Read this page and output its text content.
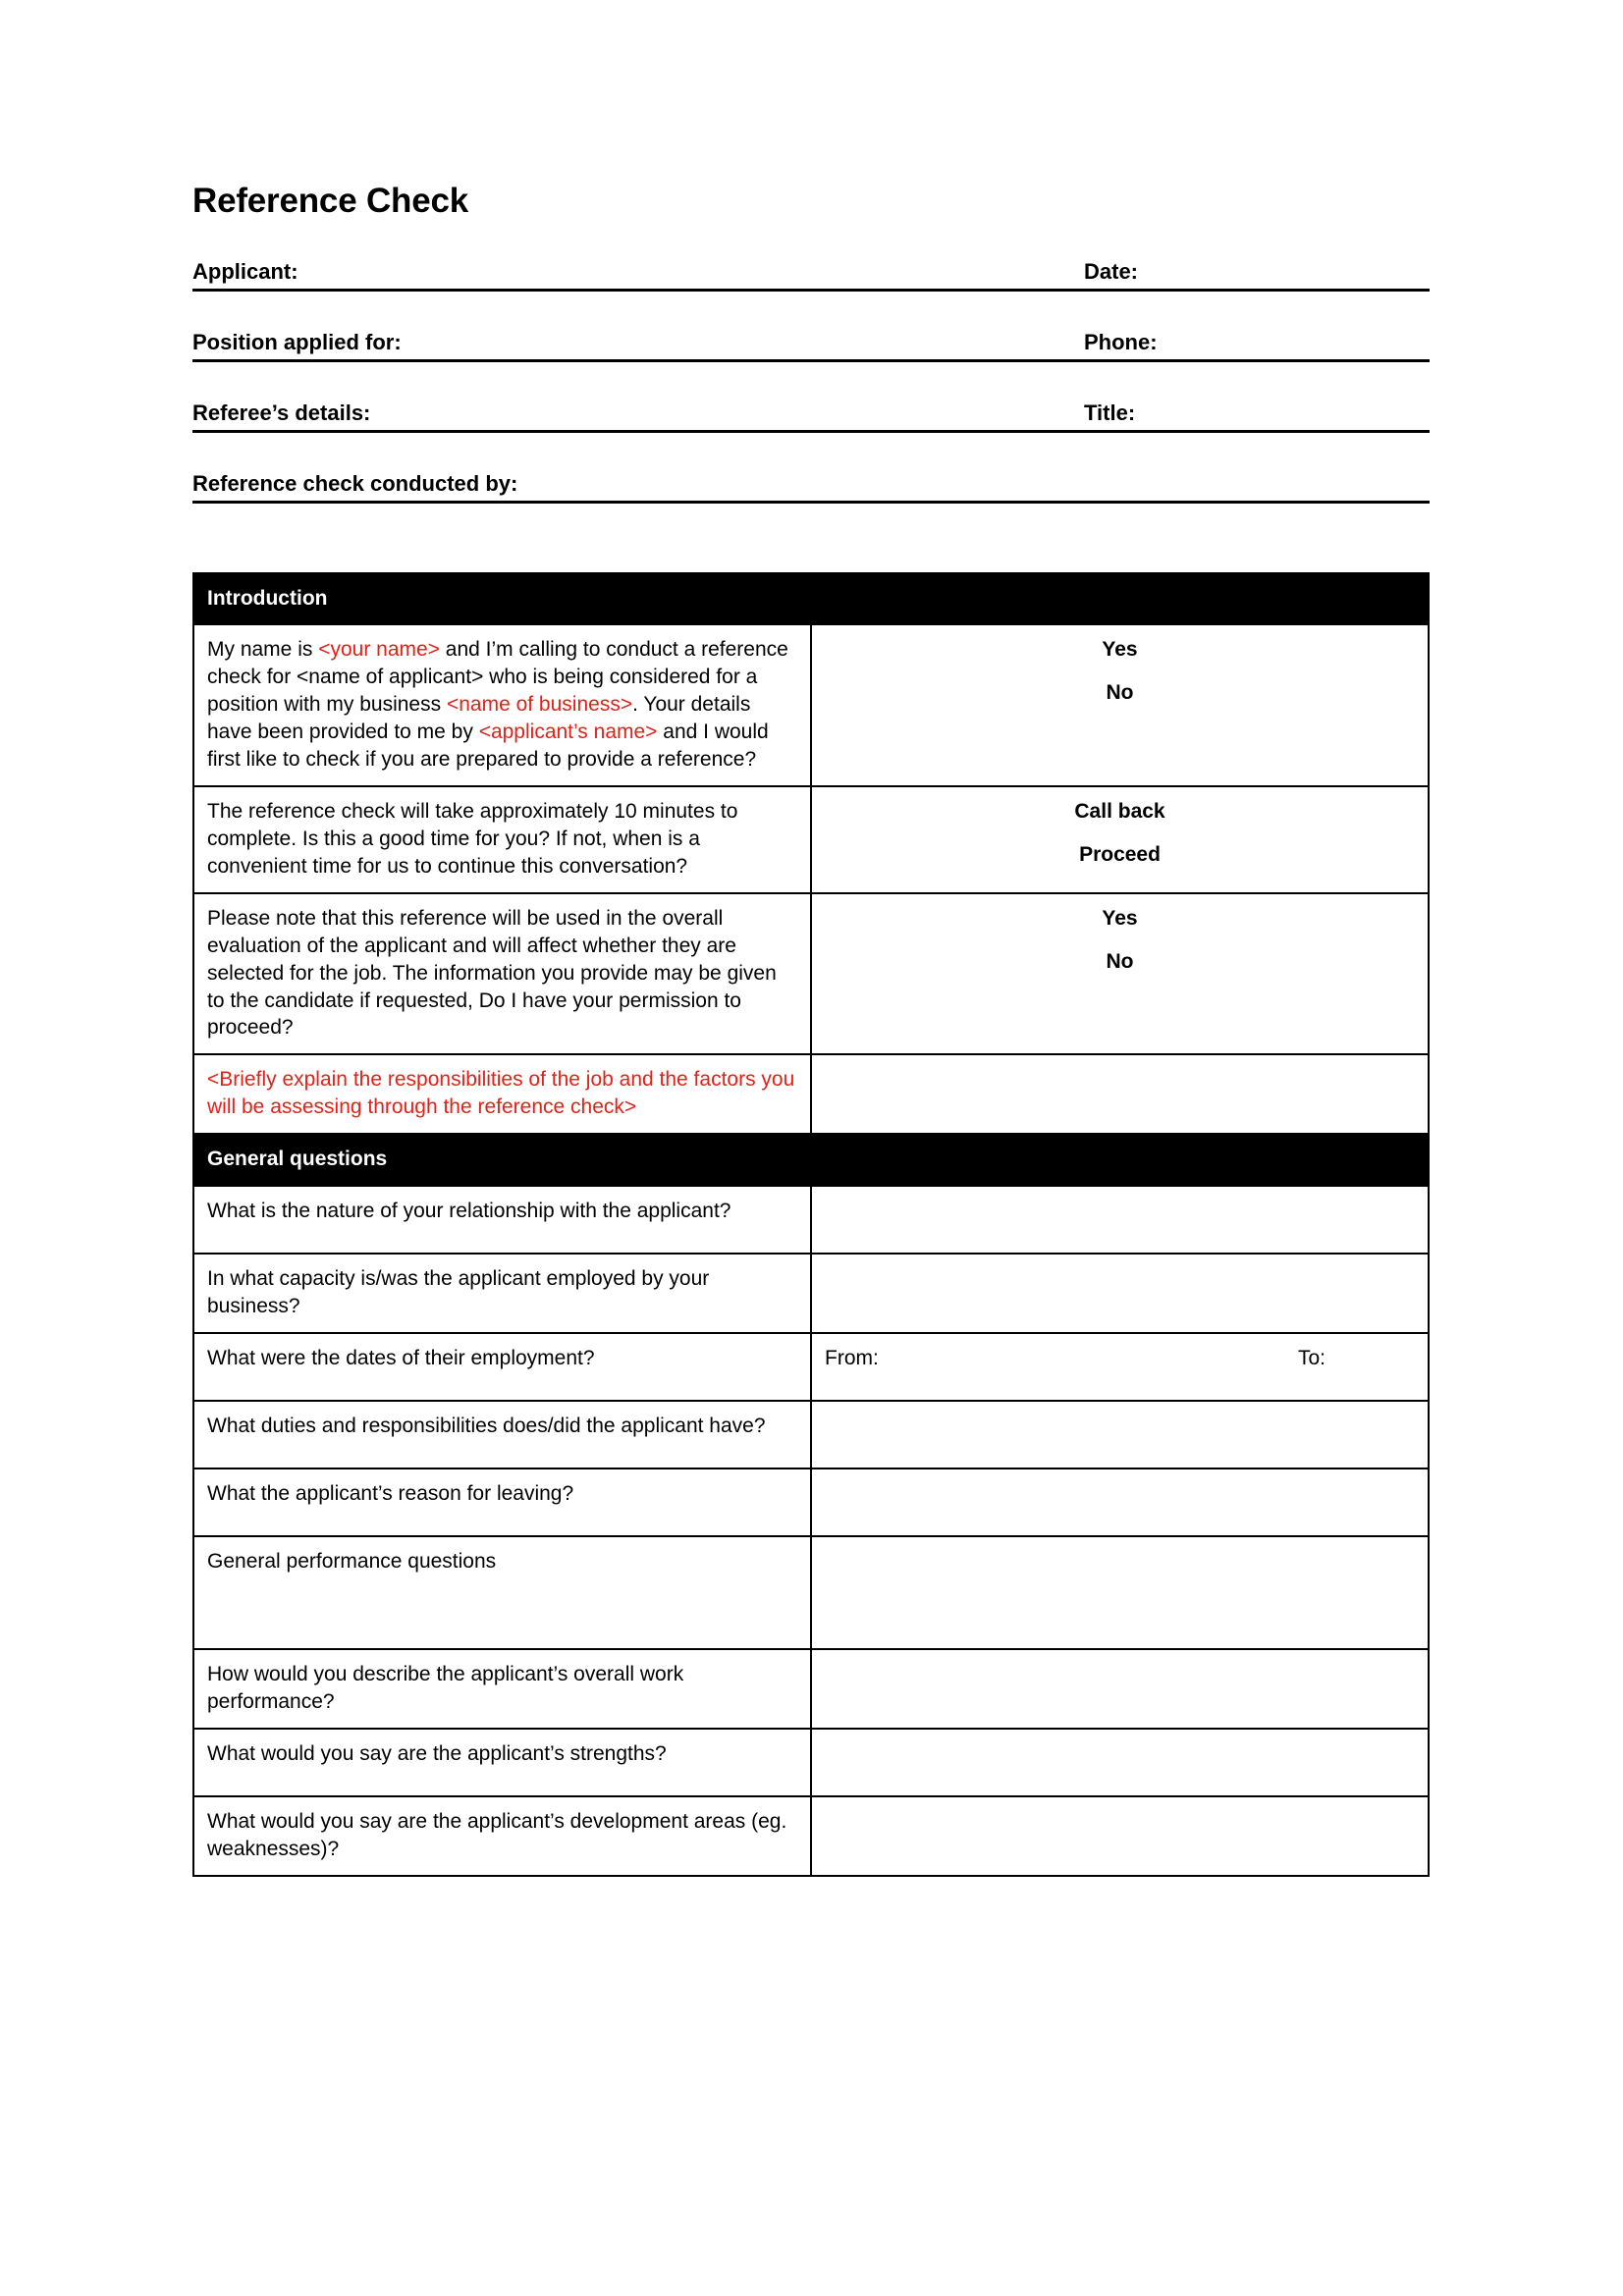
Reference Check
Applicant:	Date:
Position applied for:	Phone:
Referee’s details:	Title:
Reference check conducted by:
Introduction	
My name is <your name> and I’m calling to conduct a reference check for <name of applicant> who is being considered for a position with my business <name of business>. Your details have been provided to me by <applicant’s name> and I would first like to check if you are prepared to provide a reference?	Yes
No

The reference check will take approximately 10 minutes to complete. Is this a good time for you? If not, when is a convenient time for us to continue this conversation?	Call back
Proceed

Please note that this reference will be used in the overall evaluation of the applicant and will affect whether they are selected for the job. The information you provide may be given to the candidate if requested, Do I have your permission to proceed?	Yes
No

<Briefly explain the responsibilities of the job and the factors you will be assessing through the reference check>	
General questions	
What is the nature of your relationship with the applicant?	
In what capacity is/was the applicant employed by your business?	
What were the dates of their employment?	From: To:

What duties and responsibilities does/did the applicant have?	
What the applicant’s reason for leaving?	
General performance questions	
How would you describe the applicant’s overall work performance?	
What would you say are the applicant’s strengths?	
What would you say are the applicant’s development areas (eg. weaknesses)?	
